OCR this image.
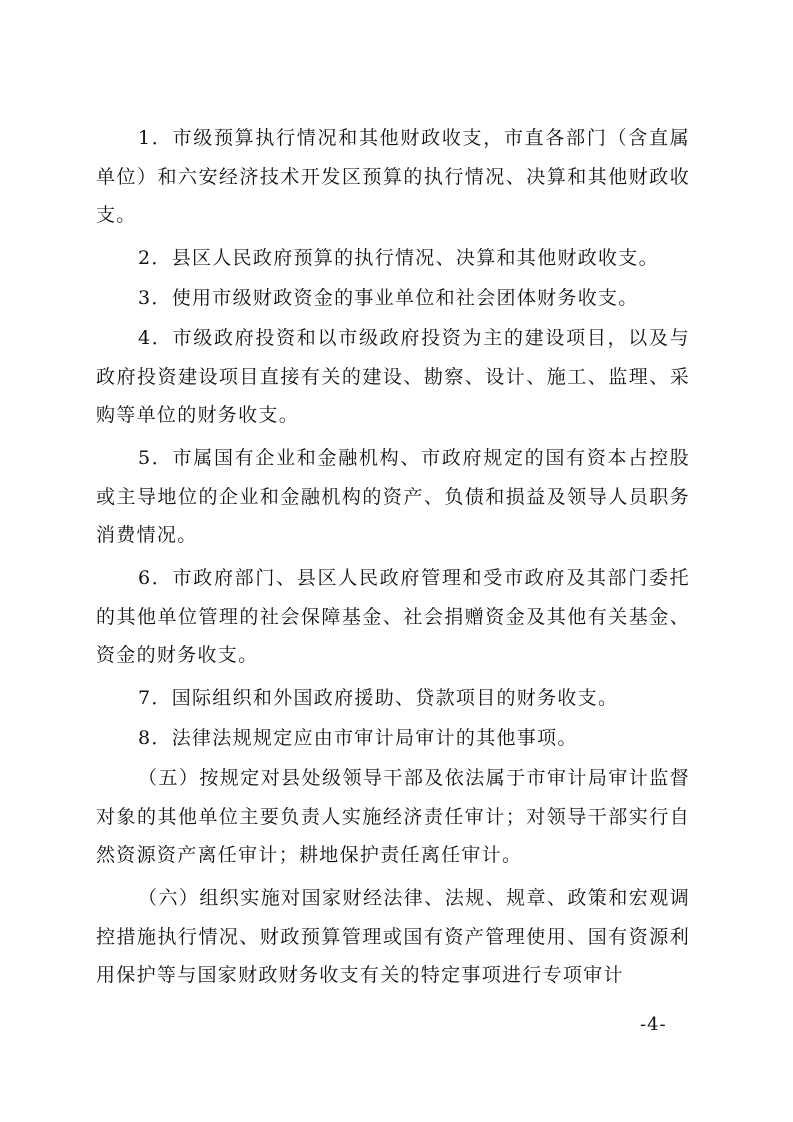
1．市级预算执行情况和其他财政收支，市直各部门（含直属单位）和六安经济技术开发区预算的执行情况、决算和其他财政收支。

2．县区人民政府预算的执行情况、决算和其他财政收支。

3．使用市级财政资金的事业单位和社会团体财务收支。

4．市级政府投资和以市级政府投资为主的建设项目，以及与政府投资建设项目直接有关的建设、勘察、设计、施工、监理、采购等单位的财务收支。

5．市属国有企业和金融机构、市政府规定的国有资本占控股或主导地位的企业和金融机构的资产、负债和损益及领导人员职务消费情况。

6．市政府部门、县区人民政府管理和受市政府及其部门委托的其他单位管理的社会保障基金、社会捐赠资金及其他有关基金、资金的财务收支。

7．国际组织和外国政府援助、贷款项目的财务收支。

8．法律法规规定应由市审计局审计的其他事项。

（五）按规定对县处级领导干部及依法属于市审计局审计监督对象的其他单位主要负责人实施经济责任审计；对领导干部实行自然资源资产离任审计；耕地保护责任离任审计。

（六）组织实施对国家财经法律、法规、规章、政策和宏观调控措施执行情况、财政预算管理或国有资产管理使用、国有资源利用保护等与国家财政财务收支有关的特定事项进行专项审计

-4-
